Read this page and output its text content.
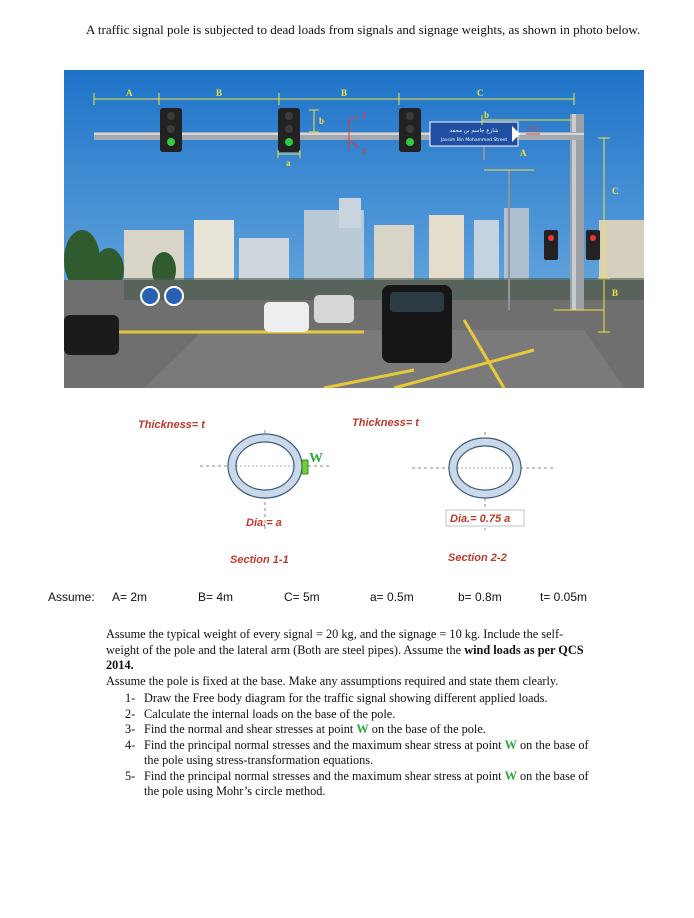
A traffic signal pole is subjected to dead loads from signals and signage weights, as shown in photo below.
شارع جاسم بن محمد
Jassim Bin Mohammed Street
A	B	B	C
b
a
b
A
C
B
2
2
Thickness= t
W
Dia.= a
Section 1-1
Thickness= t
Dia.= 0.75 a
Section 2-2
Assume: A= 2m	B= 4m	C= 5m	a= 0.5m	b= 0.8m	t= 0.05m

Assume the typical weight of every signal = 20 kg, and the signage = 10 kg. Include the self-weight of the pole and the lateral arm (Both are steel pipes). Assume the wind loads as per QCS 2014.

Assume the pole is fixed at the base. Make any assumptions required and state them clearly.

1- Draw the Free body diagram for the traffic signal showing different applied loads.
2- Calculate the internal loads on the base of the pole.
3- Find the normal and shear stresses at point W on the base of the pole.
4- Find the principal normal stresses and the maximum shear stress at point W on the base of the pole using stress-transformation equations.
5- Find the principal normal stresses and the maximum shear stress at point W on the base of the pole using Mohr’s circle method.
